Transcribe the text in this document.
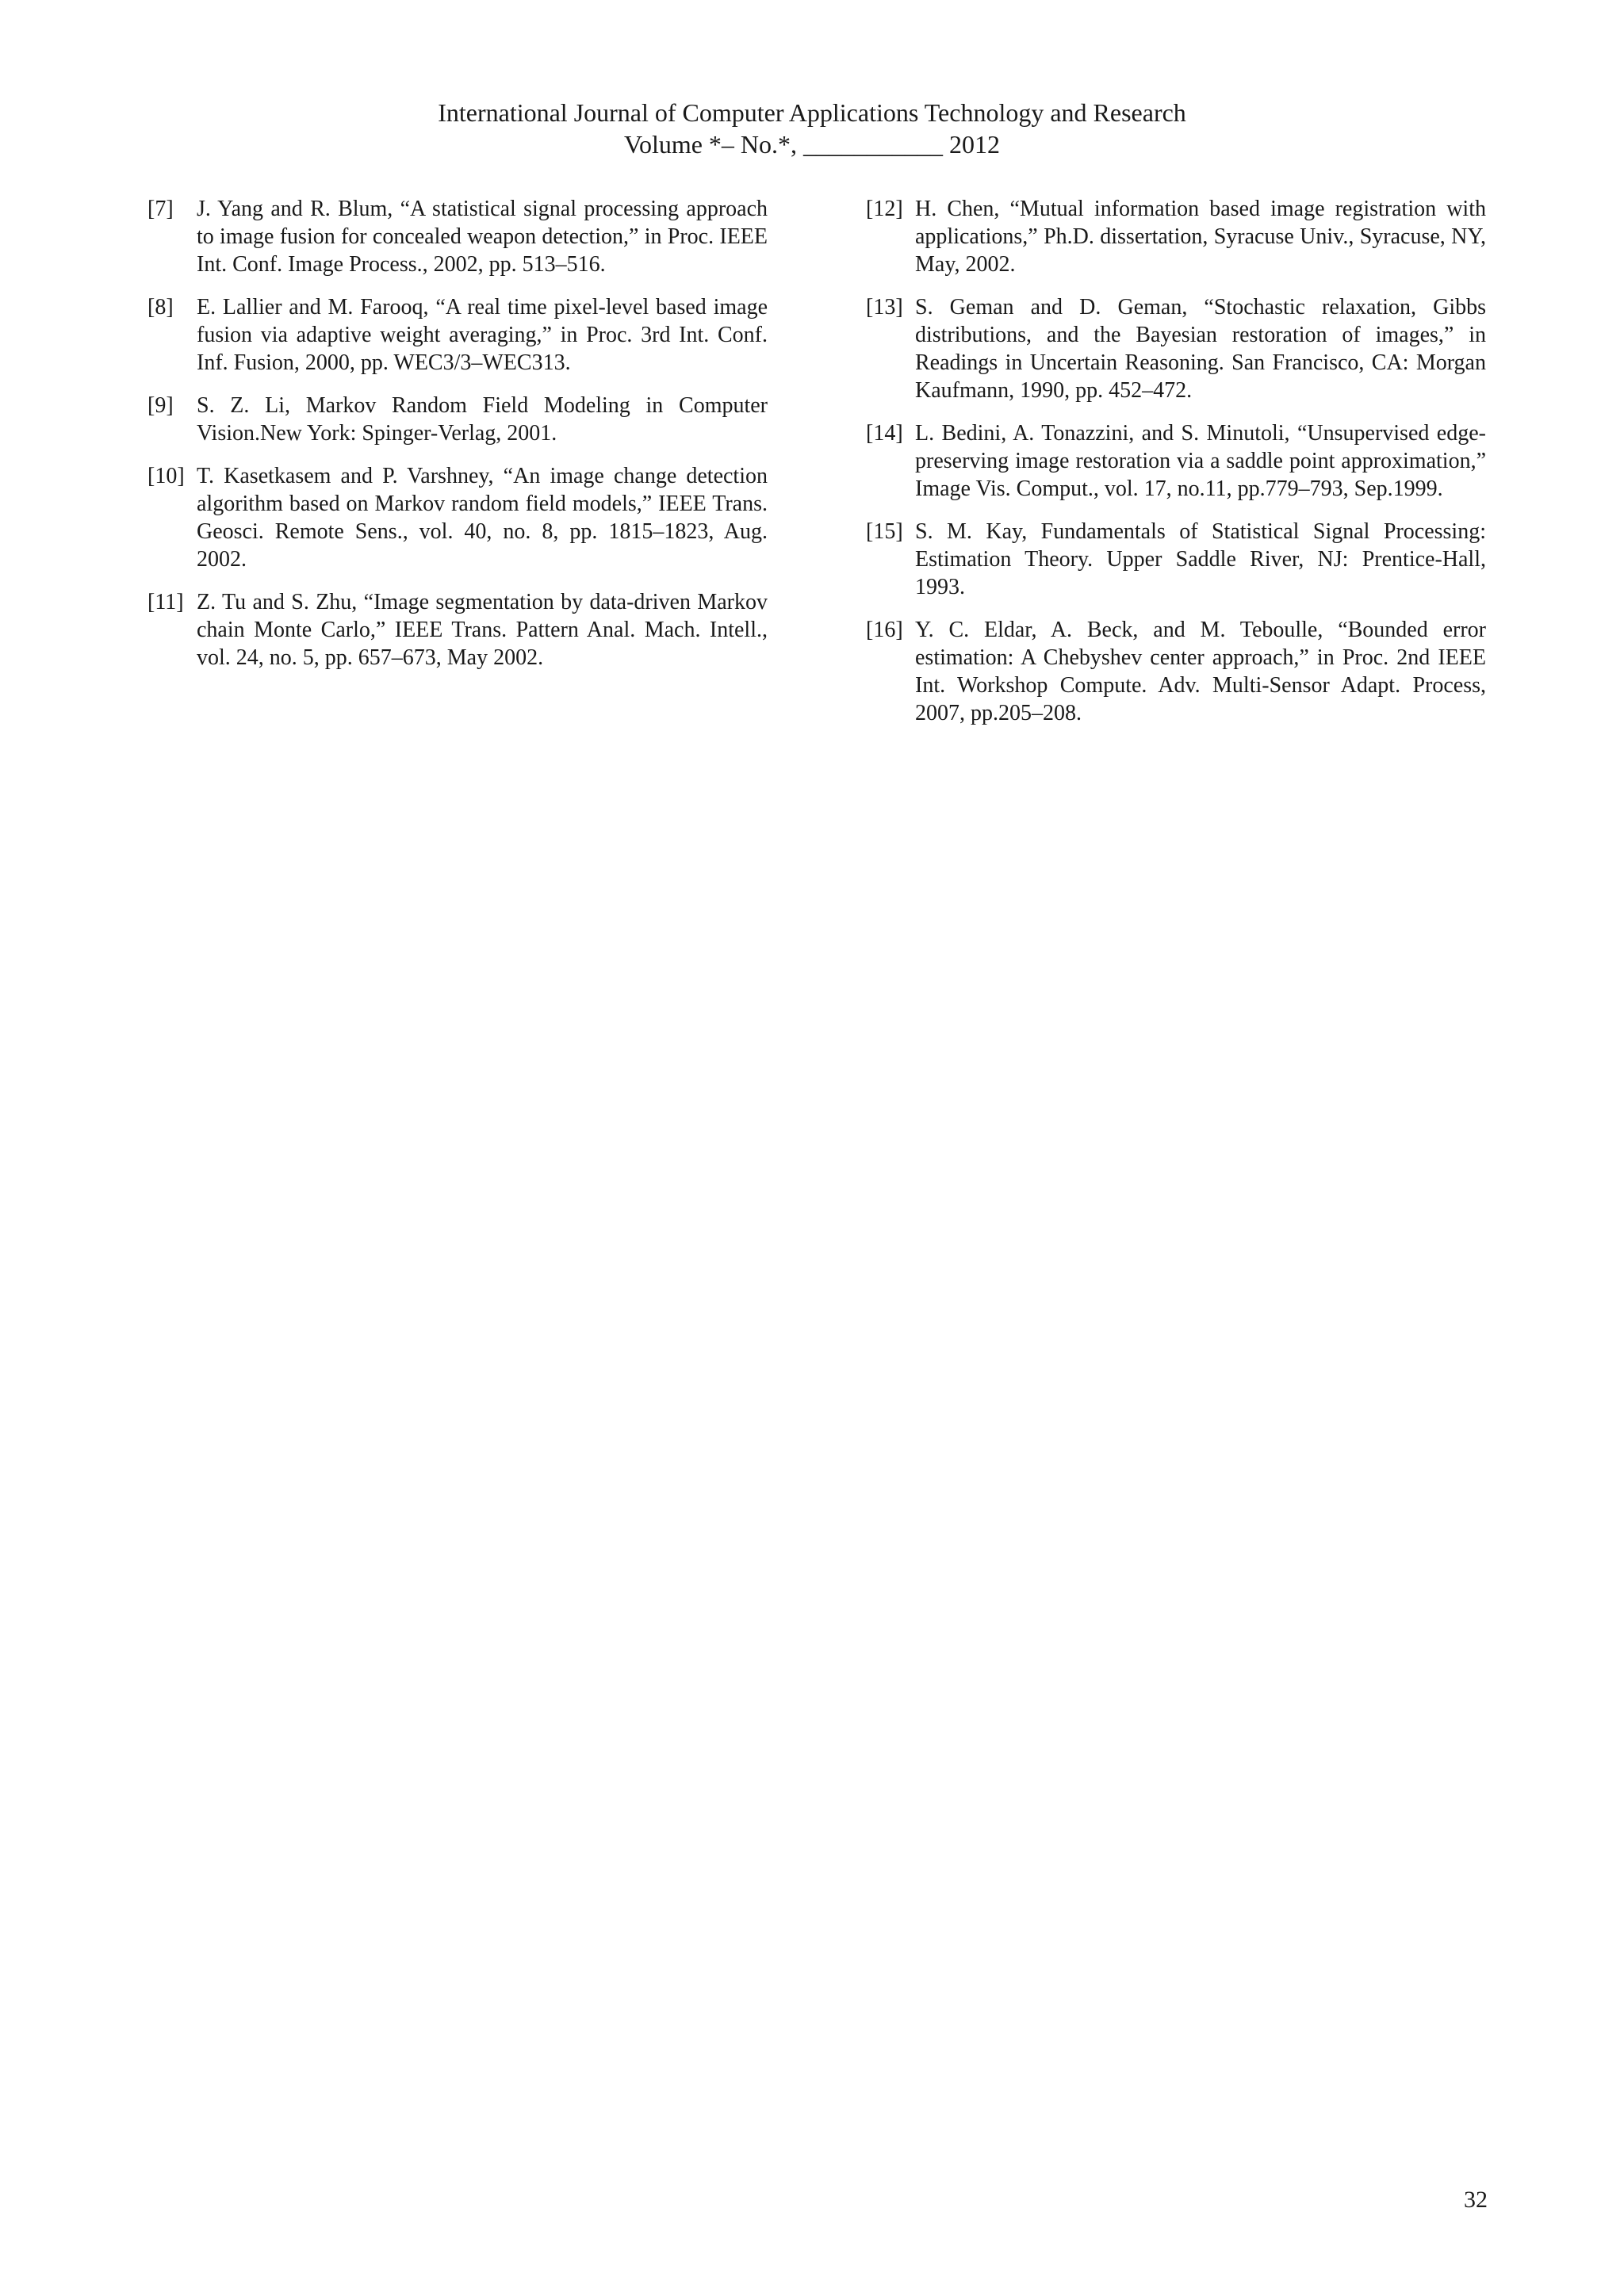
International Journal of Computer Applications Technology and Research
Volume *– No.*, ___________ 2012
[7]	J. Yang and R. Blum, “A statistical signal processing approach to image fusion for concealed weapon detection,” in Proc. IEEE Int. Conf. Image Process., 2002, pp. 513–516.
[8]	E. Lallier and M. Farooq, “A real time pixel-level based image fusion via adaptive weight averaging,” in Proc. 3rd Int. Conf. Inf. Fusion, 2000, pp. WEC3/3–WEC313.
[9]	S. Z. Li, Markov Random Field Modeling in Computer Vision.New York: Spinger-Verlag, 2001.
[10] T. Kasetkasem and P. Varshney, “An image change detection algorithm based on Markov random field models,” IEEE Trans. Geosci. Remote Sens., vol. 40, no. 8, pp. 1815–1823, Aug. 2002.
[11] Z. Tu and S. Zhu, “Image segmentation by data-driven Markov chain Monte Carlo,” IEEE Trans. Pattern Anal. Mach. Intell., vol. 24, no. 5, pp. 657–673, May 2002.
[12] H. Chen, “Mutual information based image registration with applications,” Ph.D. dissertation, Syracuse Univ., Syracuse, NY, May, 2002.
[13] S. Geman and D. Geman, “Stochastic relaxation, Gibbs distributions, and the Bayesian restoration of images,” in Readings in Uncertain Reasoning. San Francisco, CA: Morgan Kaufmann, 1990, pp. 452–472.
[14] L. Bedini, A. Tonazzini, and S. Minutoli, “Unsupervised edge-preserving image restoration via a saddle point approximation,” Image Vis. Comput., vol. 17, no.11, pp.779–793, Sep.1999.
[15] S. M. Kay, Fundamentals of Statistical Signal Processing: Estimation Theory. Upper Saddle River, NJ: Prentice-Hall, 1993.
[16] Y. C. Eldar, A. Beck, and M. Teboulle, “Bounded error estimation: A Chebyshev center approach,” in Proc. 2nd IEEE Int. Workshop Compute. Adv. Multi-Sensor Adapt. Process, 2007, pp.205–208.
32
